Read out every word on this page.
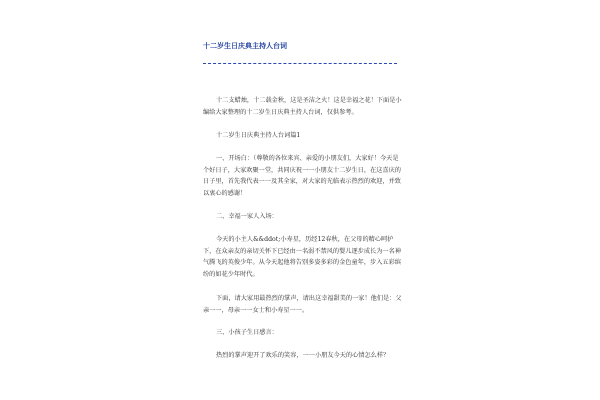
十二岁生日庆典主持人台词

十二支蜡烛，十二载金秋，这是圣洁之火！这是幸福之花！下面是小编给大家整理的十二岁生日庆典主持人台词，仅供参考。

十二岁生日庆典主持人台词篇1

一、开场白：（尊敬的各位来宾、亲爱的小朋友们，大家好！今天是个好日子，大家欢聚一堂，共同庆祝一一小朋友十二岁生日，在这喜庆的日子里，首先我代表一一及其全家，对大家的光临表示热烈的欢迎，并致以衷心的感谢！

二、幸福一家人入场：

今天的小主人&&ddot;小寿星，历经12春秋，在父母的精心呵护下，在众亲友的亲切关怀下已经由一名弱不禁风的婴儿逐步成长为一名神气腾飞的英俊少年。从今天起他将告别多姿多彩的金色童年，步入五彩缤纷的如花少年时代。

下面，请大家用最热烈的掌声，请出这幸福甜美的一家！他们是：父亲一一，母亲一一女士和小寿星一一。

三、小孩子生日感言：

热烈的掌声迎开了欢乐的笑容，一一小朋友今天的心情怎么样？
